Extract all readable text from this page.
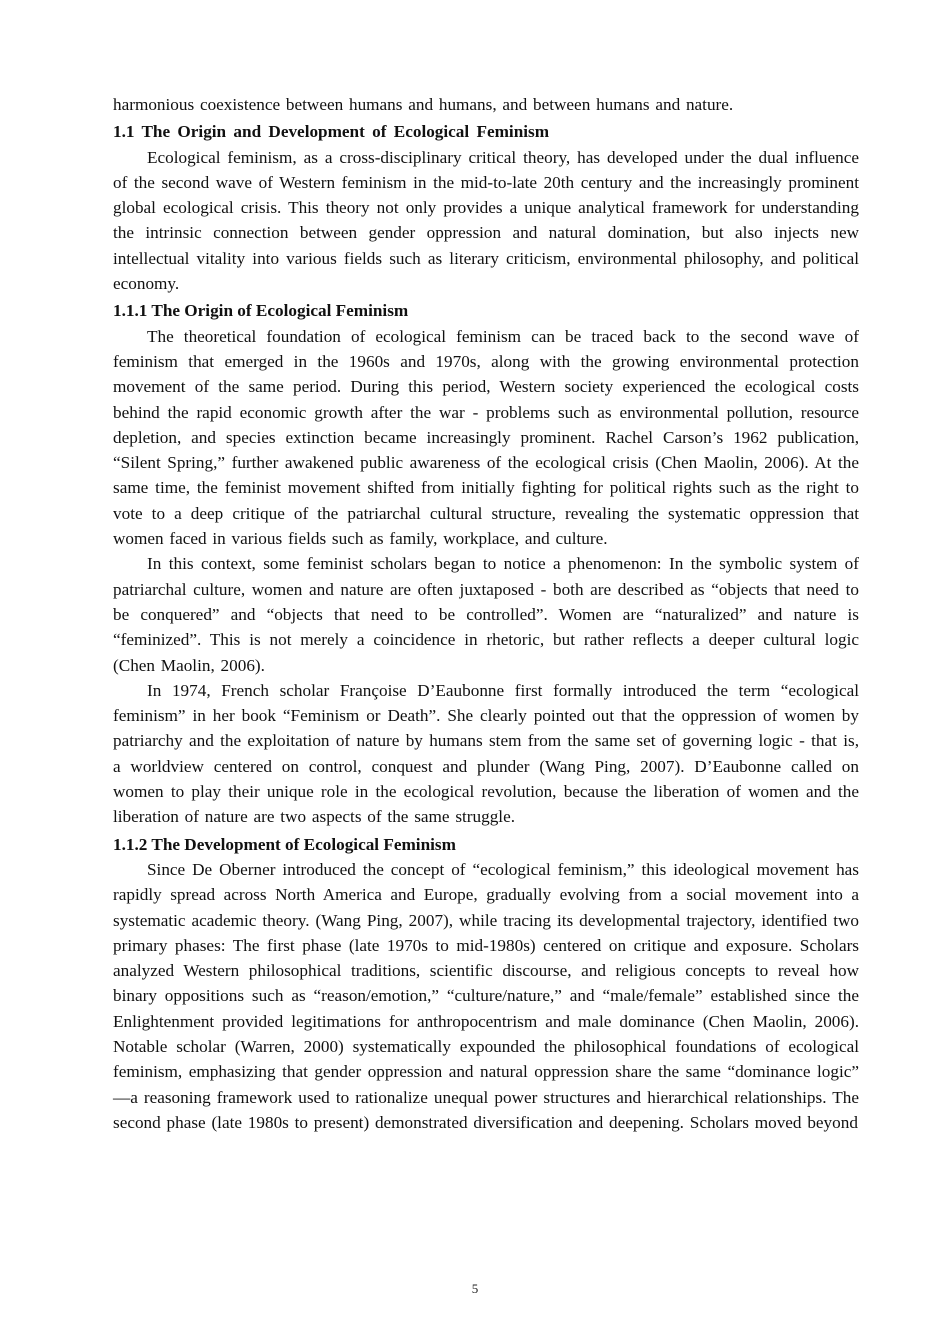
harmonious coexistence between humans and humans, and between humans and nature.

1.1 The Origin and Development of Ecological Feminism

Ecological feminism, as a cross-disciplinary critical theory, has developed under the dual influence of the second wave of Western feminism in the mid-to-late 20th century and the increasingly prominent global ecological crisis. This theory not only provides a unique analytical framework for understanding the intrinsic connection between gender oppression and natural domination, but also injects new intellectual vitality into various fields such as literary criticism, environmental philosophy, and political economy.

1.1.1 The Origin of Ecological Feminism

The theoretical foundation of ecological feminism can be traced back to the second wave of feminism that emerged in the 1960s and 1970s, along with the growing environmental protection movement of the same period. During this period, Western society experienced the ecological costs behind the rapid economic growth after the war - problems such as environmental pollution, resource depletion, and species extinction became increasingly prominent. Rachel Carson’s 1962 publication, “Silent Spring,” further awakened public awareness of the ecological crisis (Chen Maolin, 2006). At the same time, the feminist movement shifted from initially fighting for political rights such as the right to vote to a deep critique of the patriarchal cultural structure, revealing the systematic oppression that women faced in various fields such as family, workplace, and culture.

In this context, some feminist scholars began to notice a phenomenon: In the symbolic system of patriarchal culture, women and nature are often juxtaposed - both are described as “objects that need to be conquered” and “objects that need to be controlled”. Women are “naturalized” and nature is “feminized”. This is not merely a coincidence in rhetoric, but rather reflects a deeper cultural logic (Chen Maolin, 2006).

In 1974, French scholar Françoise D’Eaubonne first formally introduced the term “ecological feminism” in her book “Feminism or Death”. She clearly pointed out that the oppression of women by patriarchy and the exploitation of nature by humans stem from the same set of governing logic - that is, a worldview centered on control, conquest and plunder (Wang Ping, 2007). D’Eaubonne called on women to play their unique role in the ecological revolution, because the liberation of women and the liberation of nature are two aspects of the same struggle.

1.1.2 The Development of Ecological Feminism

Since De Oberner introduced the concept of “ecological feminism,” this ideological movement has rapidly spread across North America and Europe, gradually evolving from a social movement into a systematic academic theory. (Wang Ping, 2007), while tracing its developmental trajectory, identified two primary phases: The first phase (late 1970s to mid-1980s) centered on critique and exposure. Scholars analyzed Western philosophical traditions, scientific discourse, and religious concepts to reveal how binary oppositions such as “reason/emotion,” “culture/nature,” and “male/female” established since the Enlightenment provided legitimations for anthropocentrism and male dominance (Chen Maolin, 2006). Notable scholar (Warren, 2000) systematically expounded the philosophical foundations of ecological feminism, emphasizing that gender oppression and natural oppression share the same “dominance logic” —a reasoning framework used to rationalize unequal power structures and hierarchical relationships. The second phase (late 1980s to present) demonstrated diversification and deepening. Scholars moved beyond

5
